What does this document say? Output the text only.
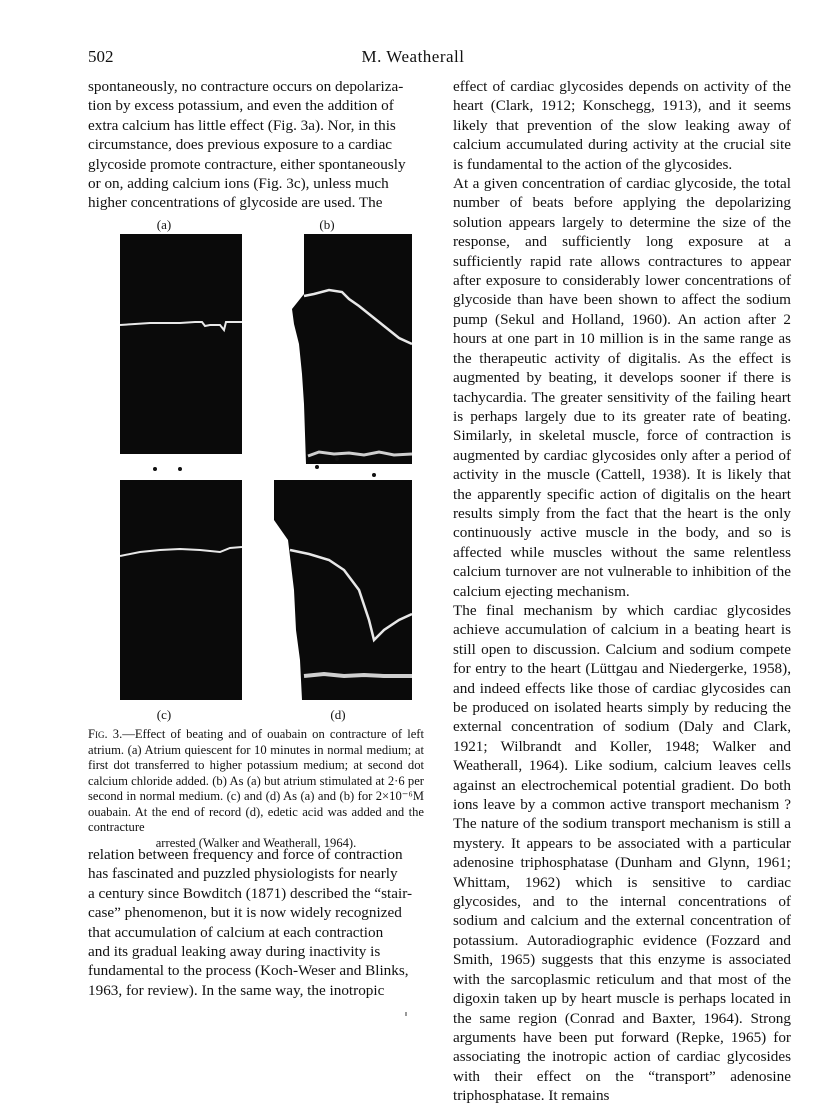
502	M. Weatherall
spontaneously, no contracture occurs on depolariza-
tion by excess potassium, and even the addition of
extra calcium has little effect (Fig. 3a). Nor, in this
circumstance, does previous exposure to a cardiac
glycoside promote contracture, either spontaneously
or on, adding calcium ions (Fig. 3c), unless much
higher concentrations of glycoside are used. The
(a)	(b)
(c)	(d)
Fig. 3.—Effect of beating and of ouabain on contracture of left atrium. (a) Atrium quiescent for 10 minutes in normal medium; at first dot transferred to higher potassium medium; at second dot calcium chloride added. (b) As (a) but atrium stimulated at 2·6 per second in normal medium. (c) and (d) As (a) and (b) for 2×10⁻⁶M ouabain. At the end of record (d), edetic acid was added and the contracture
arrested (Walker and Weatherall, 1964).
relation between frequency and force of contraction
has fascinated and puzzled physiologists for nearly
a century since Bowditch (1871) described the “stair-
case” phenomenon, but it is now widely recognized
that accumulation of calcium at each contraction
and its gradual leaking away during inactivity is
fundamental to the process (Koch-Weser and Blinks,
1963, for review). In the same way, the inotropic

effect of cardiac glycosides depends on activity of the heart (Clark, 1912; Konschegg, 1913), and it seems likely that prevention of the slow leaking away of calcium accumulated during activity at the crucial site is fundamental to the action of the glycosides.

At a given concentration of cardiac glycoside, the total number of beats before applying the depolarizing solution appears largely to determine the size of the response, and sufficiently long exposure at a sufficiently rapid rate allows contractures to appear after exposure to considerably lower concentrations of glycoside than have been shown to affect the sodium pump (Sekul and Holland, 1960). An action after 2 hours at one part in 10 million is in the same range as the therapeutic activity of digitalis. As the effect is augmented by beating, it develops sooner if there is tachycardia. The greater sensitivity of the failing heart is perhaps largely due to its greater rate of beating. Similarly, in skeletal muscle, force of contraction is augmented by cardiac glycosides only after a period of activity in the muscle (Cattell, 1938). It is likely that the apparently specific action of digitalis on the heart results simply from the fact that the heart is the only continuously active muscle in the body, and so is affected while muscles without the same relentless calcium turnover are not vulnerable to inhibition of the calcium ejecting mechanism.

The final mechanism by which cardiac glycosides achieve accumulation of calcium in a beating heart is still open to discussion. Calcium and sodium compete for entry to the heart (Lüttgau and Niedergerke, 1958), and indeed effects like those of cardiac glycosides can be produced on isolated hearts simply by reducing the external concentration of sodium (Daly and Clark, 1921; Wilbrandt and Koller, 1948; Walker and Weatherall, 1964). Like sodium, calcium leaves cells against an electrochemical potential gradient. Do both ions leave by a common active transport mechanism ? The nature of the sodium transport mechanism is still a mystery. It appears to be associated with a particular adenosine triphosphatase (Dunham and Glynn, 1961; Whittam, 1962) which is sensitive to cardiac glycosides, and to the internal concentrations of sodium and calcium and the external concentration of potassium. Autoradiographic evidence (Fozzard and Smith, 1965) suggests that this enzyme is associated with the sarcoplasmic reticulum and that most of the digoxin taken up by heart muscle is perhaps located in the same region (Conrad and Baxter, 1964). Strong arguments have been put forward (Repke, 1965) for associating the inotropic action of cardiac glycosides with their effect on the “transport” adenosine triphosphatase. It remains
